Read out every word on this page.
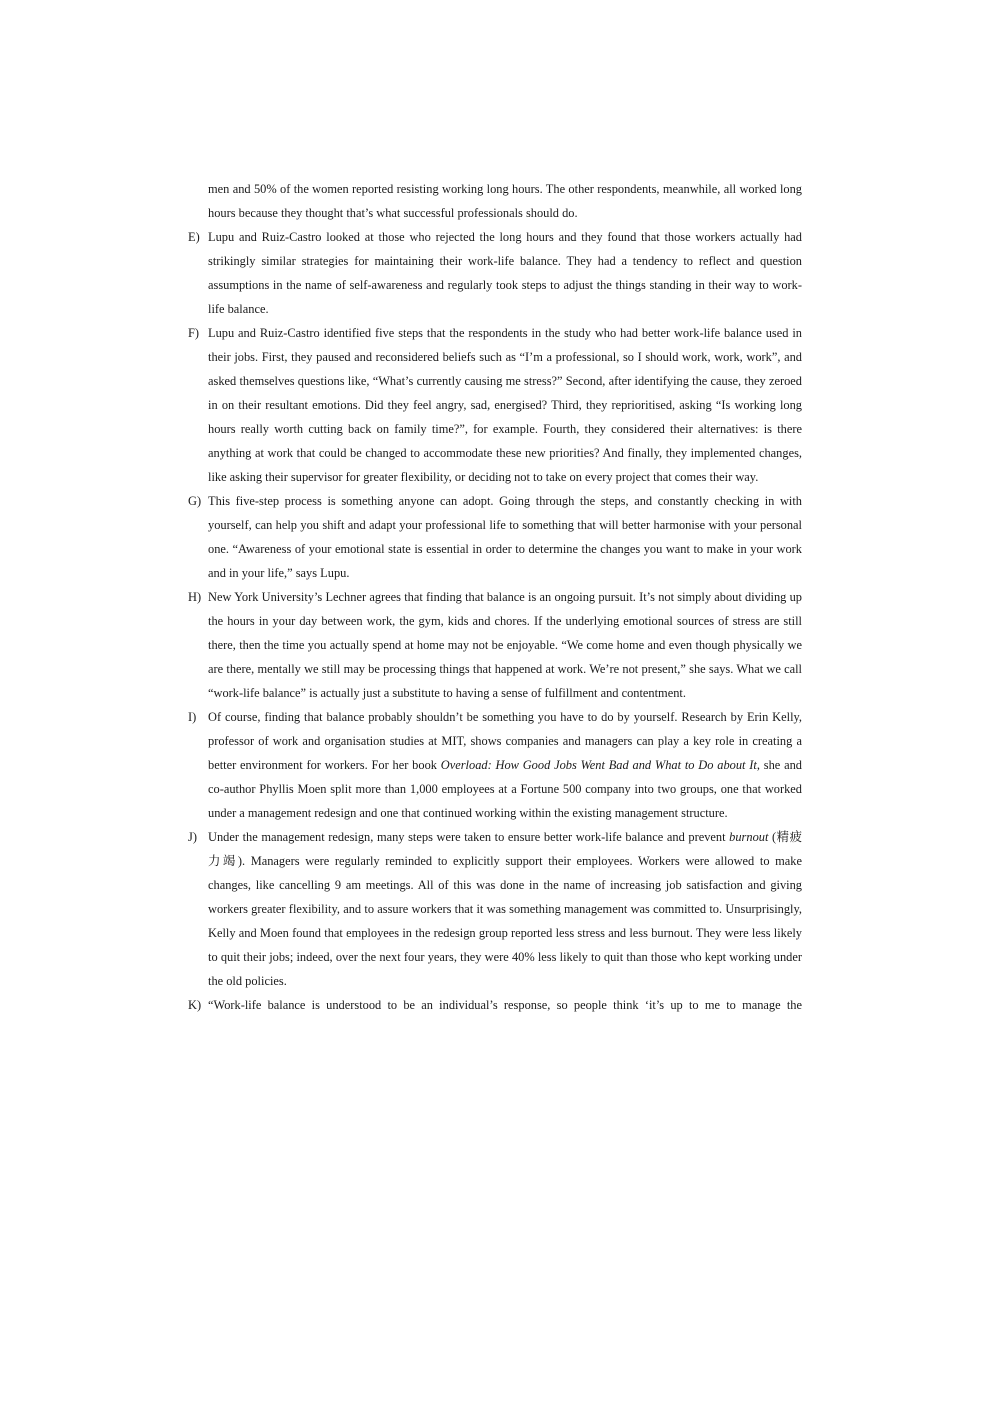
men and 50% of the women reported resisting working long hours. The other respondents, meanwhile, all worked long hours because they thought that’s what successful professionals should do.

E) Lupu and Ruiz-Castro looked at those who rejected the long hours and they found that those workers actually had strikingly similar strategies for maintaining their work-life balance. They had a tendency to reflect and question assumptions in the name of self-awareness and regularly took steps to adjust the things standing in their way to work-life balance.
F) Lupu and Ruiz-Castro identified five steps that the respondents in the study who had better work-life balance used in their jobs. First, they paused and reconsidered beliefs such as “I’m a professional, so I should work, work, work”, and asked themselves questions like, “What’s currently causing me stress?” Second, after identifying the cause, they zeroed in on their resultant emotions. Did they feel angry, sad, energised? Third, they reprioritised, asking “Is working long hours really worth cutting back on family time?”, for example. Fourth, they considered their alternatives: is there anything at work that could be changed to accommodate these new priorities? And finally, they implemented changes, like asking their supervisor for greater flexibility, or deciding not to take on every project that comes their way.
G) This five-step process is something anyone can adopt. Going through the steps, and constantly checking in with yourself, can help you shift and adapt your professional life to something that will better harmonise with your personal one. “Awareness of your emotional state is essential in order to determine the changes you want to make in your work and in your life,” says Lupu.
H) New York University’s Lechner agrees that finding that balance is an ongoing pursuit. It’s not simply about dividing up the hours in your day between work, the gym, kids and chores. If the underlying emotional sources of stress are still there, then the time you actually spend at home may not be enjoyable. “We come home and even though physically we are there, mentally we still may be processing things that happened at work. We’re not present,” she says. What we call “work-life balance” is actually just a substitute to having a sense of fulfillment and contentment.
I) Of course, finding that balance probably shouldn’t be something you have to do by yourself. Research by Erin Kelly, professor of work and organisation studies at MIT, shows companies and managers can play a key role in creating a better environment for workers. For her book Overload: How Good Jobs Went Bad and What to Do about It, she and co-author Phyllis Moen split more than 1,000 employees at a Fortune 500 company into two groups, one that worked under a management redesign and one that continued working within the existing management structure.
J) Under the management redesign, many steps were taken to ensure better work-life balance and prevent burnout (精疲力竭). Managers were regularly reminded to explicitly support their employees. Workers were allowed to make changes, like cancelling 9 am meetings. All of this was done in the name of increasing job satisfaction and giving workers greater flexibility, and to assure workers that it was something management was committed to. Unsurprisingly, Kelly and Moen found that employees in the redesign group reported less stress and less burnout. They were less likely to quit their jobs; indeed, over the next four years, they were 40% less likely to quit than those who kept working under the old policies.
K) “Work-life balance is understood to be an individual’s response, so people think ‘it’s up to me to manage the
